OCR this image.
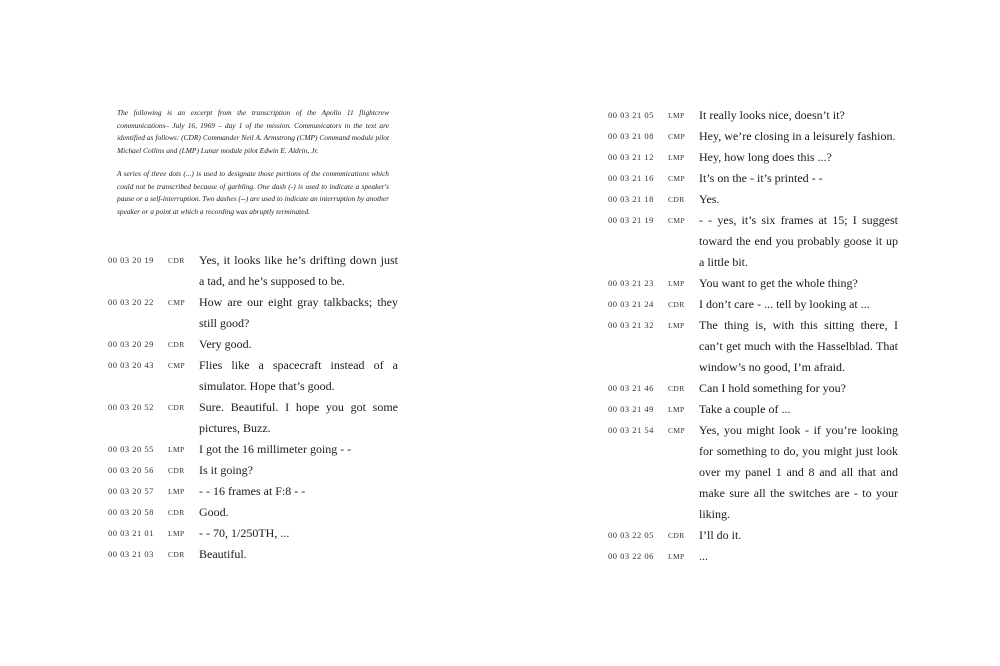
The following is an excerpt from the transcription of the Apollo 11 flightcrew communications– July 16, 1969 – day 1 of the mission. Communicators in the text are identified as follows: (CDR) Commander Neil A. Armstrong (CMP) Command module pilot Michael Collins and (LMP) Lunar module pilot Edwin E. Aldrin, Jr.

A series of three dots (...) is used to designate those portions of the commmications which could not be transcribed because of garbling. One dash (-) is used to indicate a speaker's pause or a self-interruption. Two dashes (--) are used to indicate an interruption by another speaker or a point at which a recording was abruptly terminated.

00 03 20 19	CDR	Yes, it looks like he’s drifting down just a tad, and he’s supposed to be.
00 03 20 22	CMP	How are our eight gray talkbacks; they still good?
00 03 20 29	CDR	Very good.
00 03 20 43	CMP	Flies like a spacecraft instead of a simulator. Hope that’s good.
00 03 20 52	CDR	Sure. Beautiful. I hope you got some pictures, Buzz.
00 03 20 55	LMP	I got the 16 millimeter going - -
00 03 20 56	CDR	Is it going?
00 03 20 57	LMP	- - 16 frames at F:8 - -
00 03 20 58	CDR	Good.
00 03 21 01	LMP	- - 70, 1/250TH, ...
00 03 21 03	CDR	Beautiful.
00 03 21 05	LMP	It really looks nice, doesn’t it?
00 03 21 08	CMP	Hey, we’re closing in a leisurely fashion.
00 03 21 12	LMP	Hey, how long does this ...?
00 03 21 16	CMP	It’s on the - it’s printed - -
00 03 21 18	CDR	Yes.
00 03 21 19	CMP	- - yes, it’s six frames at 15; I suggest toward the end you probably goose it up a little bit.
00 03 21 23	LMP	You want to get the whole thing?
00 03 21 24	CDR	I don’t care - ... tell by looking at ...
00 03 21 32	LMP	The thing is, with this sitting there, I can’t get much with the Hasselblad. That window’s no good, I’m afraid.
00 03 21 46	CDR	Can I hold something for you?
00 03 21 49	LMP	Take a couple of ...
00 03 21 54	CMP	Yes, you might look - if you’re looking for something to do, you might just look over my panel 1 and 8 and all that and make sure all the switches are - to your liking.
00 03 22 05	CDR	I’ll do it.
00 03 22 06	LMP	...
